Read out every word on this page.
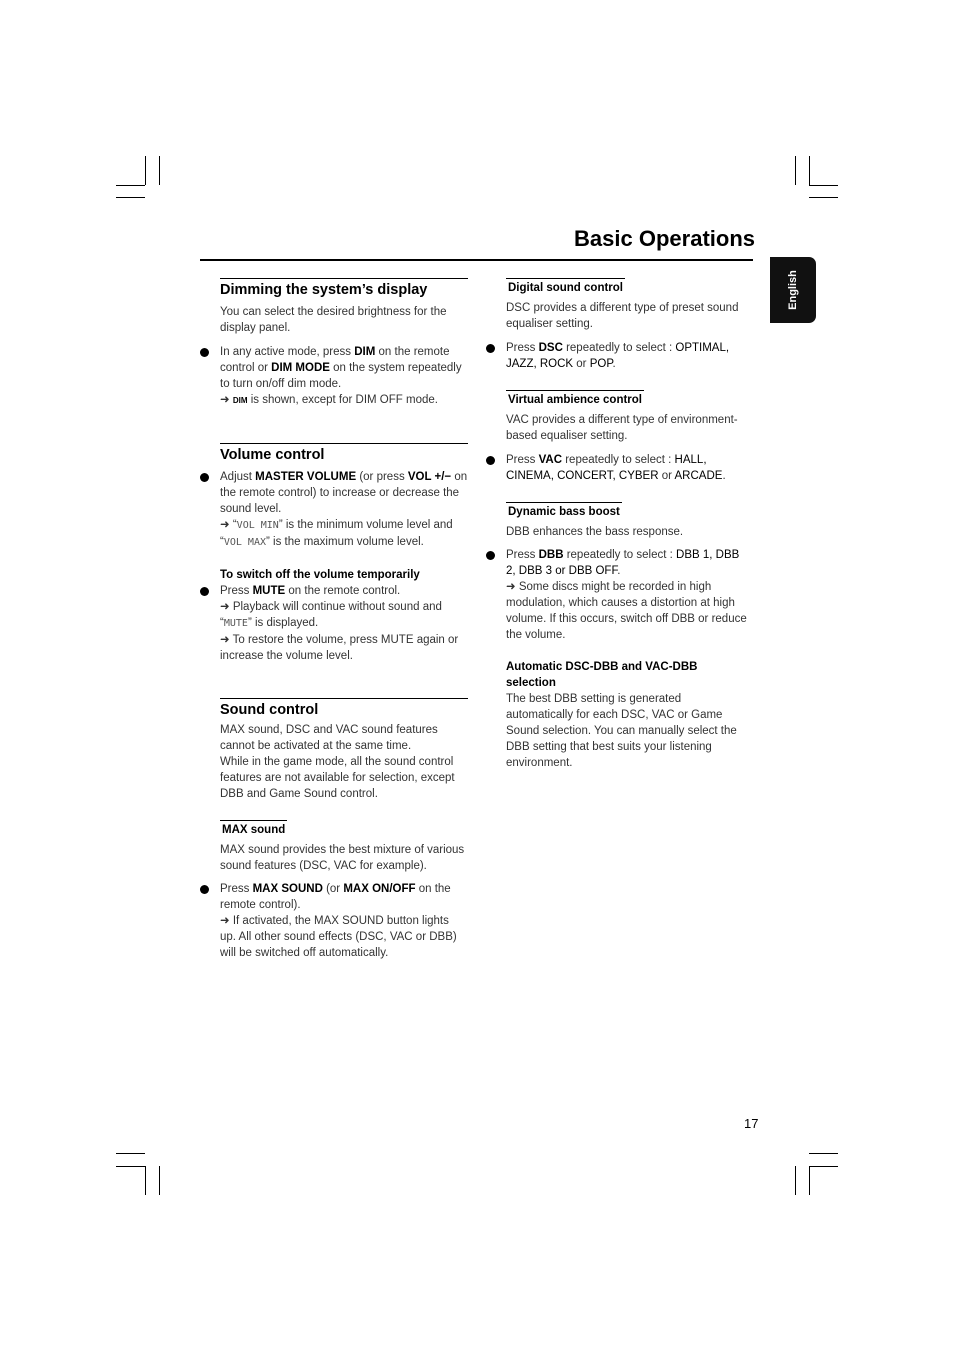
Basic Operations
English
Dimming the system’s display

You can select the desired brightness for the display panel.

In any active mode, press DIM on the remote control or DIM MODE on the system repeatedly to turn on/off dim mode.
➜ DIM is shown, except for DIM OFF mode.
Volume control
Adjust MASTER VOLUME (or press VOL +/− on the remote control) to increase or decrease the sound level.
➜ “VOL MIN” is the minimum volume level and “VOL MAX” is the maximum volume level.
To switch off the volume temporarily
Press MUTE on the remote control.
➜ Playback will continue without sound and “MUTE” is displayed.
➜ To restore the volume, press MUTE again or increase the volume level.
Sound control

MAX sound, DSC and VAC sound features cannot be activated at the same time.

While in the game mode, all the sound control features are not available for selection, except DBB and Game Sound control.

MAX sound

MAX sound provides the best mixture of various sound features (DSC, VAC for example).

Press MAX SOUND (or MAX ON/OFF on the remote control).
➜ If activated, the MAX SOUND button lights up. All other sound effects (DSC, VAC or DBB) will be switched off automatically.
Digital sound control

DSC provides a different type of preset sound equaliser setting.

Press DSC repeatedly to select : OPTIMAL, JAZZ, ROCK or POP.
Virtual ambience control

VAC provides a different type of environment-based equaliser setting.

Press VAC repeatedly to select : HALL, CINEMA, CONCERT, CYBER or ARCADE.
Dynamic bass boost

DBB enhances the bass response.

Press DBB repeatedly to select : DBB 1, DBB 2, DBB 3 or DBB OFF.
➜ Some discs might be recorded in high modulation, which causes a distortion at high volume. If this occurs, switch off DBB or reduce the volume.
Automatic DSC-DBB and VAC-DBB selection

The best DBB setting is generated automatically for each DSC, VAC or Game Sound selection. You can manually select the DBB setting that best suits your listening environment.

17
